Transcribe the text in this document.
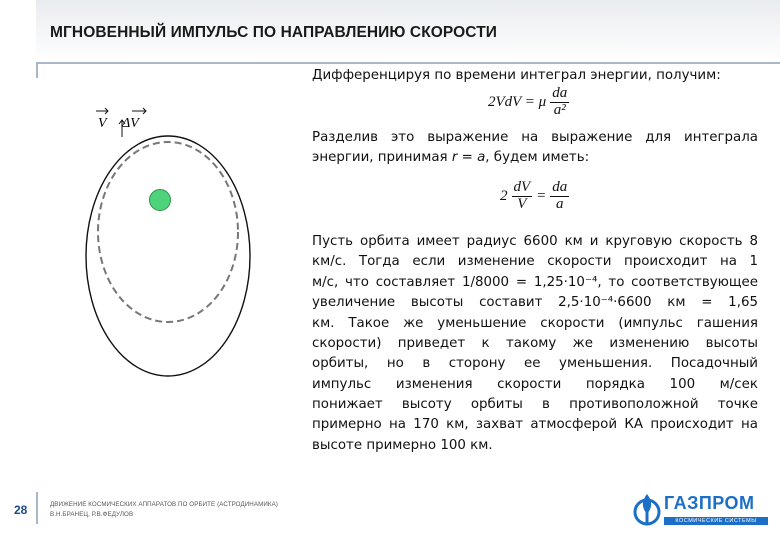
МГНОВЕННЫЙ ИМПУЛЬС ПО НАПРАВЛЕНИЮ СКОРОСТИ
V ΔV
Дифференцируя по времени интеграл энергии, получим:
2VdV = μ $\frac{da}{\text{a²}}$
Разделив это выражение на выражение для интеграла энергии, принимая r = a, будем иметь:
$2 \frac{dV}{V} = \frac{da}{a}$
Пусть орбита имеет радиус 6600 км и круговую скорость 8
км/с. Тогда если изменение скорости происходит на 1
м/с, что составляет 1/8000 = 1,25·10⁻⁴, то соответствующее
увеличение высоты составит 2,5·10⁻⁴·6600 км = 1,65
км. Такое же уменьшение скорости (импульс гашения
скорости) приведет к такому же изменению высоты
орбиты, но в сторону ее уменьшения. Посадочный
импульс изменения скорости порядка 100 м/сек
понижает высоту орбиты в противоположной точке
примерно на 170 км, захват атмосферой КА происходит на
высоте примерно 100 км.
28	ДВИЖЕНИЕ КОСМИЧЕСКИХ АППАРАТОВ ПО ОРБИТЕ (АСТРОДИНАМИКА)
В.Н.БРАНЕЦ, Р.В.ФЕДУЛОВ
ГАЗПРОМ
КОСМИЧЕСКИЕ СИСТЕМЫ
